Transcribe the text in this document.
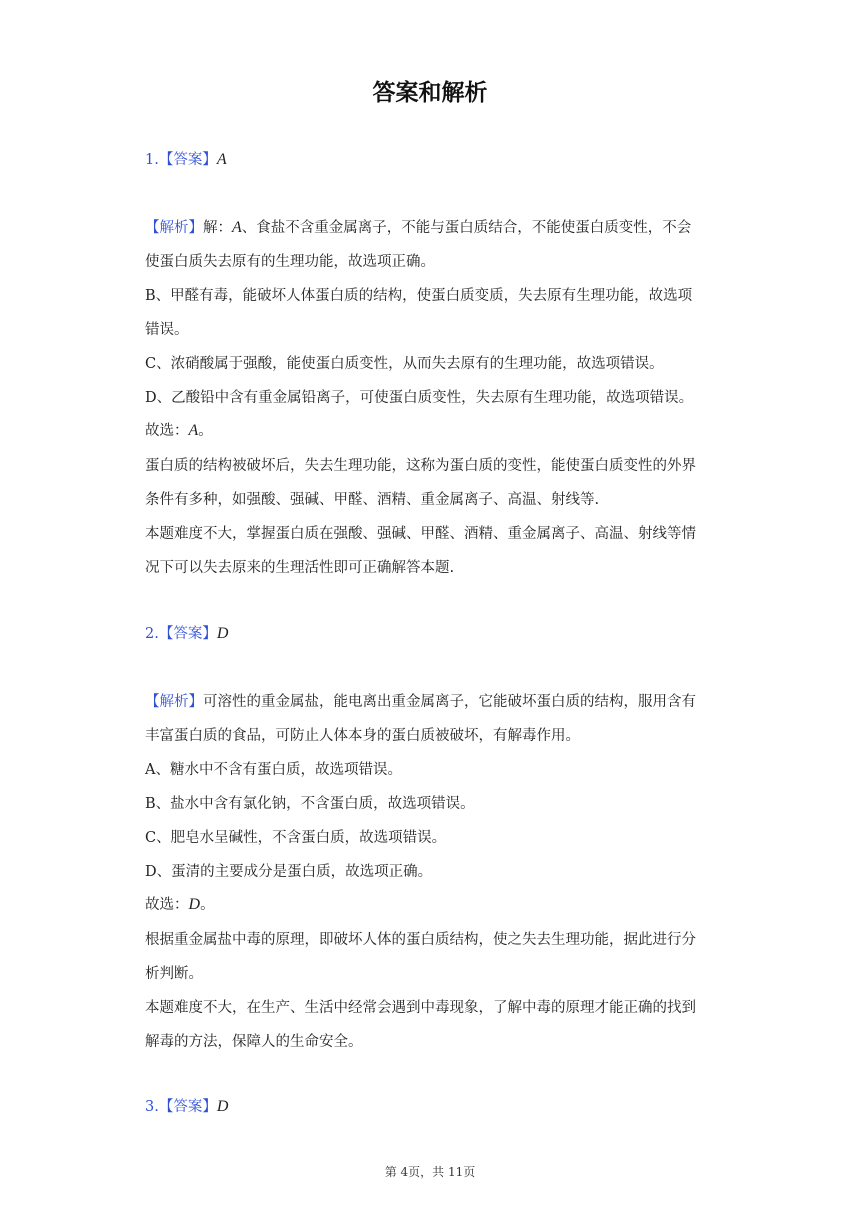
答案和解析
1.【答案】A
【解析】解：A、食盐不含重金属离子，不能与蛋白质结合，不能使蛋白质变性，不会
使蛋白质失去原有的生理功能，故选项正确。
B、甲醛有毒，能破坏人体蛋白质的结构，使蛋白质变质，失去原有生理功能，故选项
错误。
C、浓硝酸属于强酸，能使蛋白质变性，从而失去原有的生理功能，故选项错误。
D、乙酸铅中含有重金属铅离子，可使蛋白质变性，失去原有生理功能，故选项错误。
故选：A。
蛋白质的结构被破坏后，失去生理功能，这称为蛋白质的变性，能使蛋白质变性的外界
条件有多种，如强酸、强碱、甲醛、酒精、重金属离子、高温、射线等.
本题难度不大，掌握蛋白质在强酸、强碱、甲醛、酒精、重金属离子、高温、射线等情
况下可以失去原来的生理活性即可正确解答本题.
2.【答案】D
【解析】可溶性的重金属盐，能电离出重金属离子，它能破坏蛋白质的结构，服用含有
丰富蛋白质的食品，可防止人体本身的蛋白质被破坏，有解毒作用。
A、糖水中不含有蛋白质，故选项错误。
B、盐水中含有氯化钠，不含蛋白质，故选项错误。
C、肥皂水呈碱性，不含蛋白质，故选项错误。
D、蛋清的主要成分是蛋白质，故选项正确。
故选：D。
根据重金属盐中毒的原理，即破坏人体的蛋白质结构，使之失去生理功能，据此进行分
析判断。
本题难度不大，在生产、生活中经常会遇到中毒现象，了解中毒的原理才能正确的找到
解毒的方法，保障人的生命安全。
3.【答案】D
第 4页，共 11页
